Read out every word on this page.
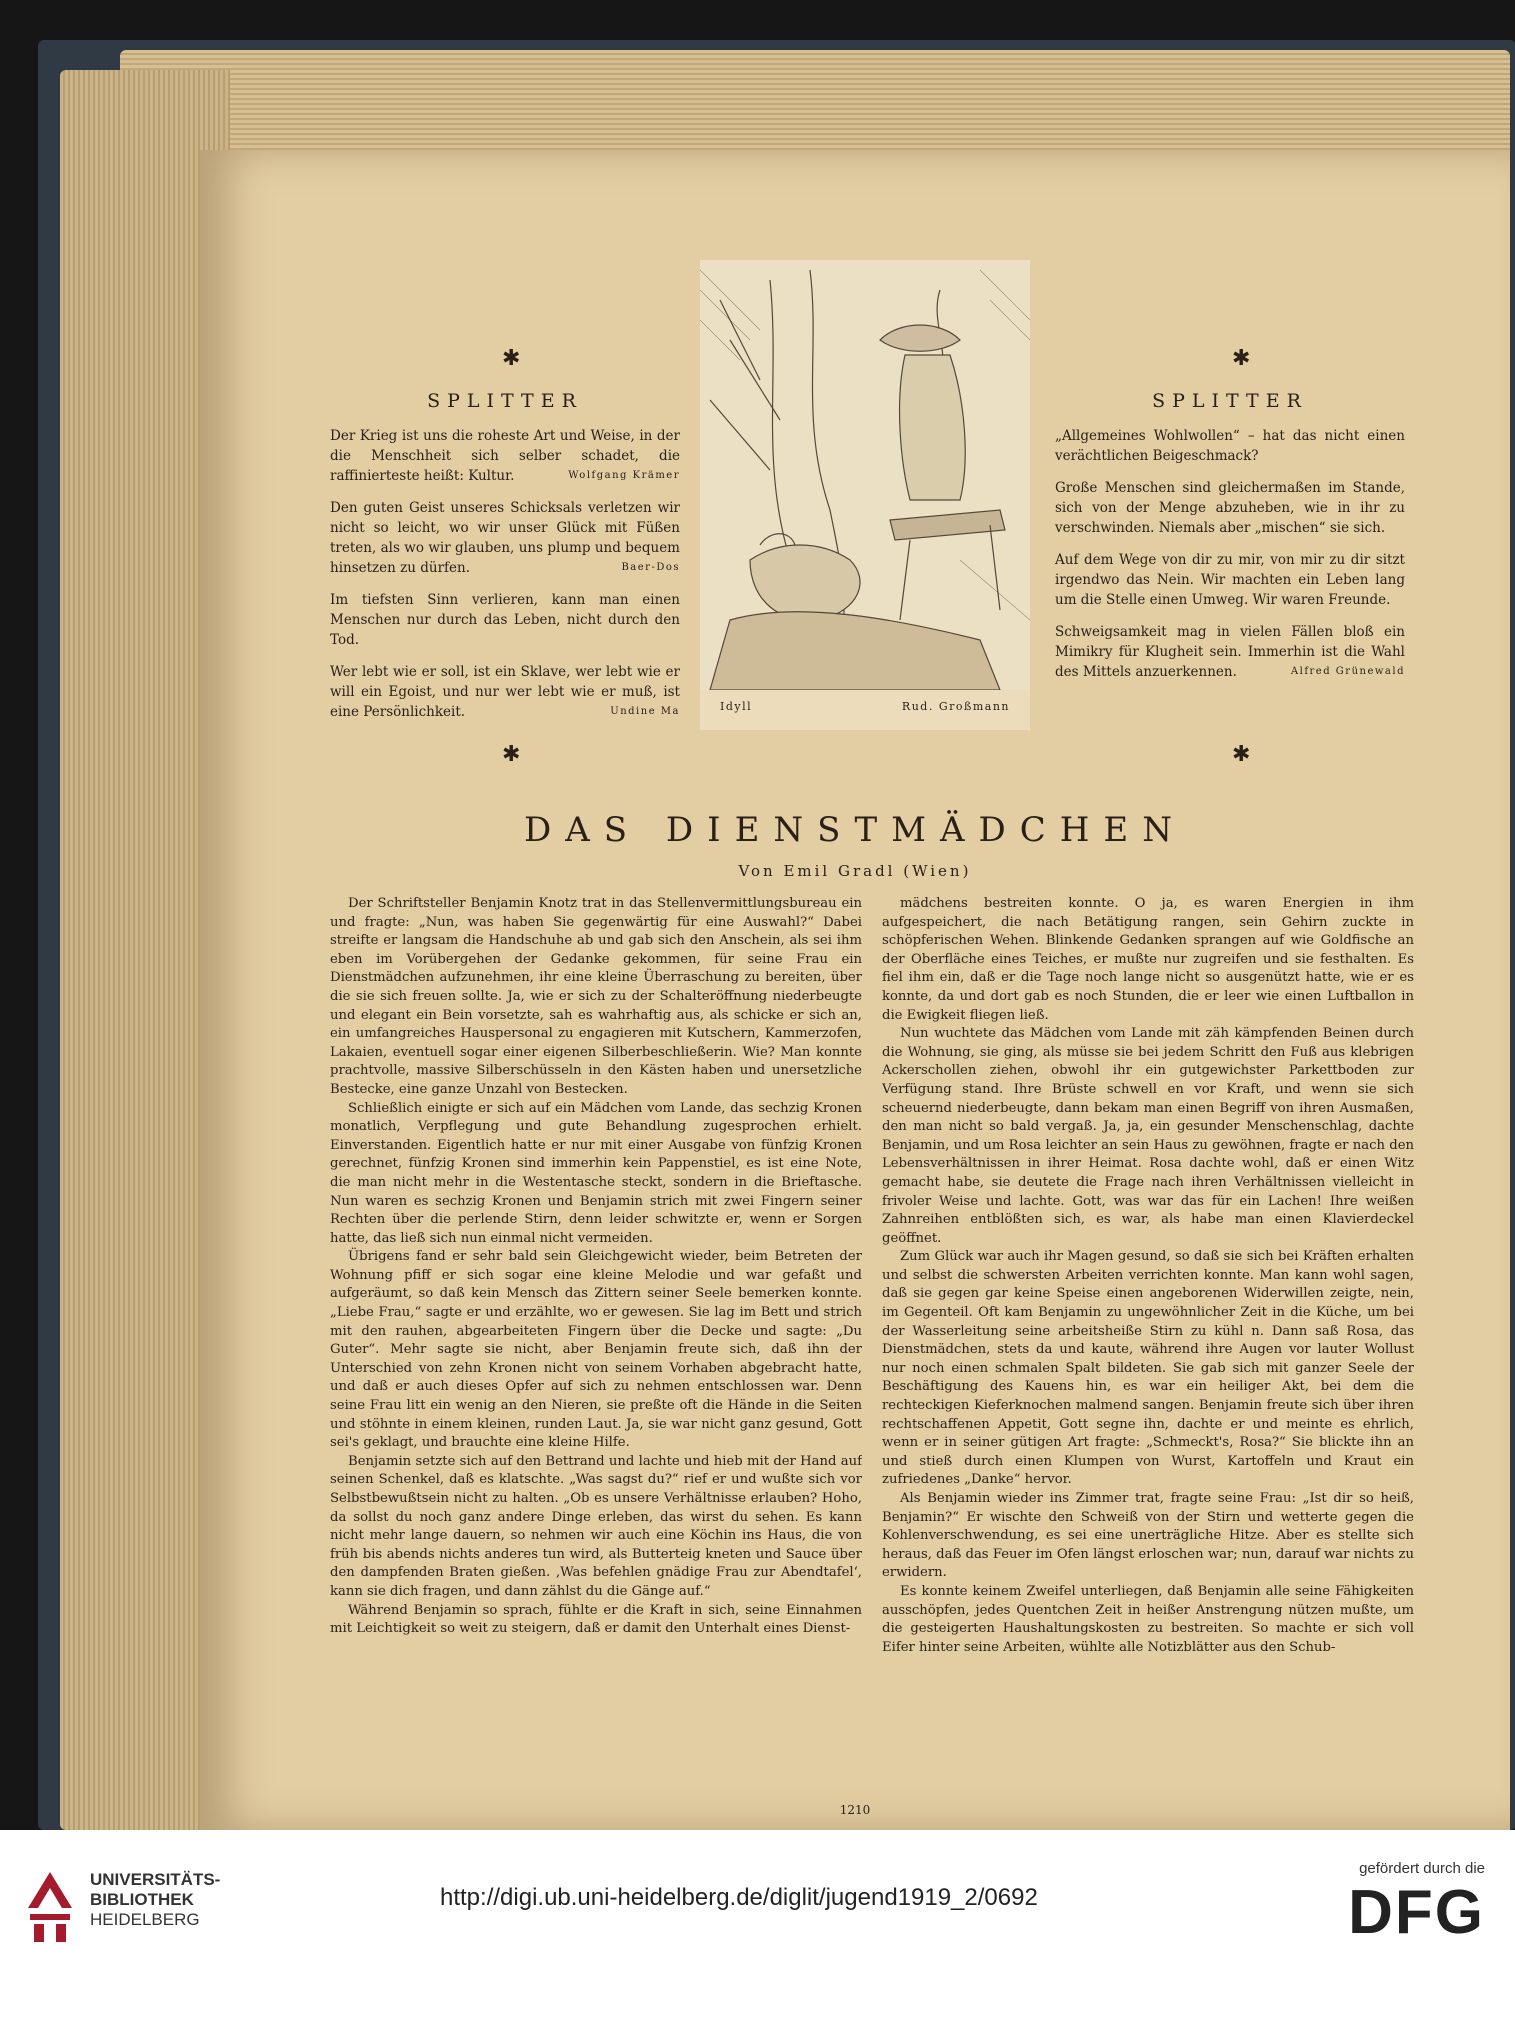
✱
SPLITTER

Der Krieg ist uns die roheste Art und Weise, in der die Menschheit sich selber schadet, die raffinierteste heißt: Kultur.	Wolfgang Krämer

Den guten Geist unseres Schicksals verletzen wir nicht so leicht, wo wir unser Glück mit Füßen treten, als wo wir glauben, uns plump und bequem hinsetzen zu dürfen.	Baer-Dos

Im tiefsten Sinn verlieren, kann man einen Menschen nur durch das Leben, nicht durch den Tod.

Wer lebt wie er soll, ist ein Sklave, wer lebt wie er will ein Egoist, und nur wer lebt wie er muß, ist eine Persönlichkeit.	Undine Ma

✱
Idyll	Rud. Großmann
✱
SPLITTER

„Allgemeines Wohlwollen“ – hat das nicht einen verächtlichen Beigeschmack?

Große Menschen sind gleichermaßen im Stande, sich von der Menge abzuheben, wie in ihr zu verschwinden. Niemals aber „mischen“ sie sich.

Auf dem Wege von dir zu mir, von mir zu dir sitzt irgendwo das Nein. Wir machten ein Leben lang um die Stelle einen Umweg. Wir waren Freunde.

Schweigsamkeit mag in vielen Fällen bloß ein Mimikry für Klugheit sein. Immerhin ist die Wahl des Mittels anzuerkennen.	Alfred Grünewald

✱
DAS DIENSTMÄDCHEN
Von Emil Gradl (Wien)

Der Schriftsteller Benjamin Knotz trat in das Stellenvermittlungsbureau ein und fragte: „Nun, was haben Sie gegenwärtig für eine Auswahl?“ Dabei streifte er langsam die Handschuhe ab und gab sich den Anschein, als sei ihm eben im Vorübergehen der Gedanke gekommen, für seine Frau ein Dienstmädchen aufzunehmen, ihr eine kleine Überraschung zu bereiten, über die sie sich freuen sollte. Ja, wie er sich zu der Schalteröffnung niederbeugte und elegant ein Bein vorsetzte, sah es wahrhaftig aus, als schicke er sich an, ein umfangreiches Hauspersonal zu engagieren mit Kutschern, Kammerzofen, Lakaien, eventuell sogar einer eigenen Silberbeschließerin. Wie? Man konnte prachtvolle, massive Silberschüsseln in den Kästen haben und unersetzliche Bestecke, eine ganze Unzahl von Bestecken.

Schließlich einigte er sich auf ein Mädchen vom Lande, das sechzig Kronen monatlich, Verpflegung und gute Behandlung zugesprochen erhielt. Einverstanden. Eigentlich hatte er nur mit einer Ausgabe von fünfzig Kronen gerechnet, fünfzig Kronen sind immerhin kein Pappenstiel, es ist eine Note, die man nicht mehr in die Westentasche steckt, sondern in die Brieftasche. Nun waren es sechzig Kronen und Benjamin strich mit zwei Fingern seiner Rechten über die perlende Stirn, denn leider schwitzte er, wenn er Sorgen hatte, das ließ sich nun einmal nicht vermeiden.

Übrigens fand er sehr bald sein Gleichgewicht wieder, beim Betreten der Wohnung pfiff er sich sogar eine kleine Melodie und war gefaßt und aufgeräumt, so daß kein Mensch das Zittern seiner Seele bemerken konnte. „Liebe Frau,“ sagte er und erzählte, wo er gewesen. Sie lag im Bett und strich mit den rauhen, abgearbeiteten Fingern über die Decke und sagte: „Du Guter“. Mehr sagte sie nicht, aber Benjamin freute sich, daß ihn der Unterschied von zehn Kronen nicht von seinem Vorhaben abgebracht hatte, und daß er auch dieses Opfer auf sich zu nehmen entschlossen war. Denn seine Frau litt ein wenig an den Nieren, sie preßte oft die Hände in die Seiten und stöhnte in einem kleinen, runden Laut. Ja, sie war nicht ganz gesund, Gott sei's geklagt, und brauchte eine kleine Hilfe.

Benjamin setzte sich auf den Bettrand und lachte und hieb mit der Hand auf seinen Schenkel, daß es klatschte. „Was sagst du?“ rief er und wußte sich vor Selbstbewußtsein nicht zu halten. „Ob es unsere Verhältnisse erlauben? Hoho, da sollst du noch ganz andere Dinge erleben, das wirst du sehen. Es kann nicht mehr lange dauern, so nehmen wir auch eine Köchin ins Haus, die von früh bis abends nichts anderes tun wird, als Butterteig kneten und Sauce über den dampfenden Braten gießen. ‚Was befehlen gnädige Frau zur Abendtafel‘, kann sie dich fragen, und dann zählst du die Gänge auf.“

Während Benjamin so sprach, fühlte er die Kraft in sich, seine Einnahmen mit Leichtigkeit so weit zu steigern, daß er damit den Unterhalt eines Dienst-

mädchens bestreiten konnte. O ja, es waren Energien in ihm aufgespeichert, die nach Betätigung rangen, sein Gehirn zuckte in schöpferischen Wehen. Blinkende Gedanken sprangen auf wie Goldfische an der Oberfläche eines Teiches, er mußte nur zugreifen und sie festhalten. Es fiel ihm ein, daß er die Tage noch lange nicht so ausgenützt hatte, wie er es konnte, da und dort gab es noch Stunden, die er leer wie einen Luftballon in die Ewigkeit fliegen ließ.

Nun wuchtete das Mädchen vom Lande mit zäh kämpfenden Beinen durch die Wohnung, sie ging, als müsse sie bei jedem Schritt den Fuß aus klebrigen Ackerschollen ziehen, obwohl ihr ein gutgewichster Parkettboden zur Verfügung stand. Ihre Brüste schwell en vor Kraft, und wenn sie sich scheuernd niederbeugte, dann bekam man einen Begriff von ihren Ausmaßen, den man nicht so bald vergaß. Ja, ja, ein gesunder Menschenschlag, dachte Benjamin, und um Rosa leichter an sein Haus zu gewöhnen, fragte er nach den Lebensverhältnissen in ihrer Heimat. Rosa dachte wohl, daß er einen Witz gemacht habe, sie deutete die Frage nach ihren Verhältnissen vielleicht in frivoler Weise und lachte. Gott, was war das für ein Lachen! Ihre weißen Zahnreihen entblößten sich, es war, als habe man einen Klavierdeckel geöffnet.

Zum Glück war auch ihr Magen gesund, so daß sie sich bei Kräften erhalten und selbst die schwersten Arbeiten verrichten konnte. Man kann wohl sagen, daß sie gegen gar keine Speise einen angeborenen Widerwillen zeigte, nein, im Gegenteil. Oft kam Benjamin zu ungewöhnlicher Zeit in die Küche, um bei der Wasserleitung seine arbeitsheiße Stirn zu kühl n. Dann saß Rosa, das Dienstmädchen, stets da und kaute, während ihre Augen vor lauter Wollust nur noch einen schmalen Spalt bildeten. Sie gab sich mit ganzer Seele der Beschäftigung des Kauens hin, es war ein heiliger Akt, bei dem die rechteckigen Kieferknochen malmend sangen. Benjamin freute sich über ihren rechtschaffenen Appetit, Gott segne ihn, dachte er und meinte es ehrlich, wenn er in seiner gütigen Art fragte: „Schmeckt's, Rosa?“ Sie blickte ihn an und stieß durch einen Klumpen von Wurst, Kartoffeln und Kraut ein zufriedenes „Danke“ hervor.

Als Benjamin wieder ins Zimmer trat, fragte seine Frau: „Ist dir so heiß, Benjamin?“ Er wischte den Schweiß von der Stirn und wetterte gegen die Kohlenverschwendung, es sei eine unerträgliche Hitze. Aber es stellte sich heraus, daß das Feuer im Ofen längst erloschen war; nun, darauf war nichts zu erwidern.

Es konnte keinem Zweifel unterliegen, daß Benjamin alle seine Fähigkeiten ausschöpfen, jedes Quentchen Zeit in heißer Anstrengung nützen mußte, um die gesteigerten Haushaltungskosten zu bestreiten. So machte er sich voll Eifer hinter seine Arbeiten, wühlte alle Notizblätter aus den Schub-

1210
UNIVERSITÄTS-
BIBLIOTHEK
HEIDELBERG
http://digi.ub.uni-heidelberg.de/diglit/jugend1919_2/0692
gefördert durch die
DFG
